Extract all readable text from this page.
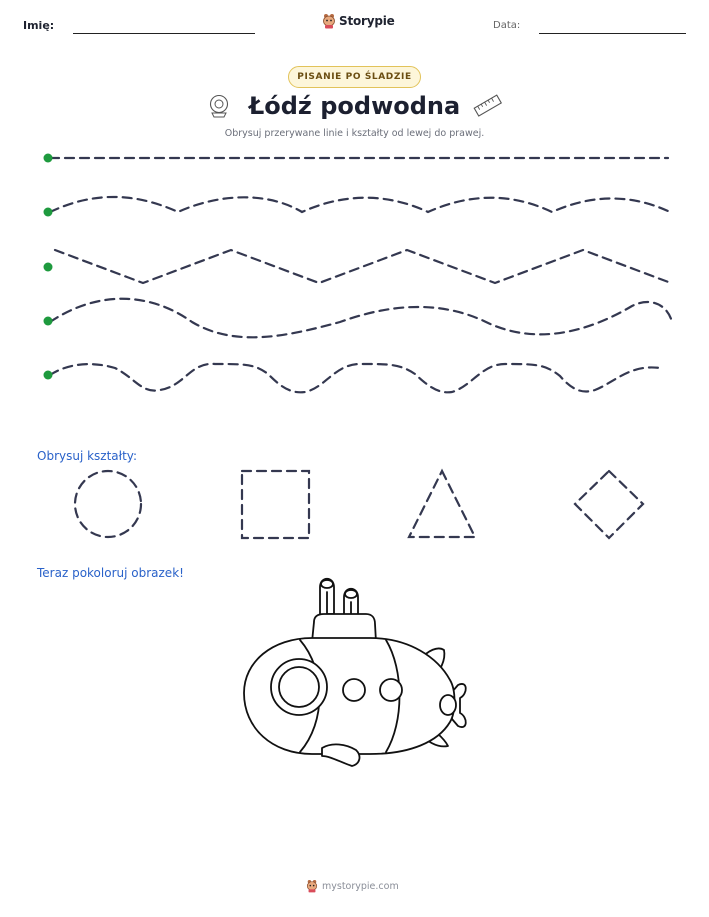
Imię:	Storypie	Data:
PISANIE PO ŚLADZIE
Łódź podwodna
Obrysuj przerywane linie i kształty od lewej do prawej.
Obrysuj kształty:
Teraz pokoloruj obrazek!
mystorypie.com
